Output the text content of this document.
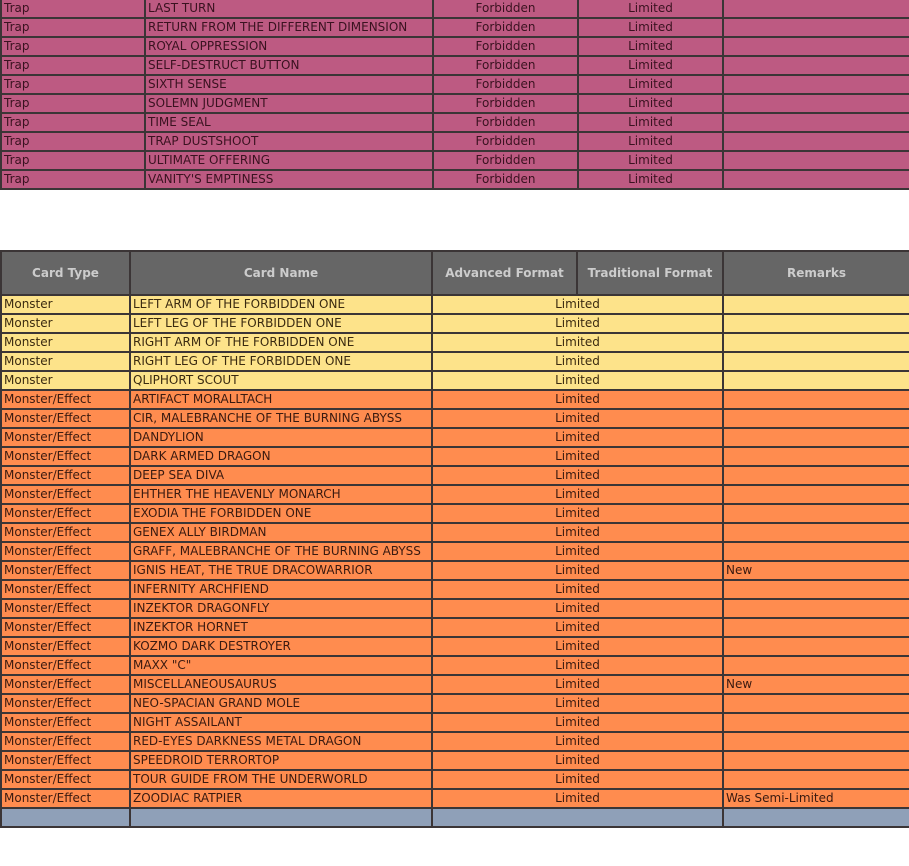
Trap	LAST TURN	Forbidden	Limited	
Trap	RETURN FROM THE DIFFERENT DIMENSION	Forbidden	Limited	
Trap	ROYAL OPPRESSION	Forbidden	Limited	
Trap	SELF-DESTRUCT BUTTON	Forbidden	Limited	
Trap	SIXTH SENSE	Forbidden	Limited	
Trap	SOLEMN JUDGMENT	Forbidden	Limited	
Trap	TIME SEAL	Forbidden	Limited	
Trap	TRAP DUSTSHOOT	Forbidden	Limited	
Trap	ULTIMATE OFFERING	Forbidden	Limited	
Trap	VANITY'S EMPTINESS	Forbidden	Limited	
Card Type	Card Name	Advanced Format	Traditional Format	Remarks
Monster	LEFT ARM OF THE FORBIDDEN ONE	Limited		
Monster	LEFT LEG OF THE FORBIDDEN ONE	Limited		
Monster	RIGHT ARM OF THE FORBIDDEN ONE	Limited		
Monster	RIGHT LEG OF THE FORBIDDEN ONE	Limited		
Monster	QLIPHORT SCOUT	Limited		
Monster/Effect	ARTIFACT MORALLTACH	Limited		
Monster/Effect	CIR, MALEBRANCHE OF THE BURNING ABYSS	Limited		
Monster/Effect	DANDYLION	Limited		
Monster/Effect	DARK ARMED DRAGON	Limited		
Monster/Effect	DEEP SEA DIVA	Limited		
Monster/Effect	EHTHER THE HEAVENLY MONARCH	Limited		
Monster/Effect	EXODIA THE FORBIDDEN ONE	Limited		
Monster/Effect	GENEX ALLY BIRDMAN	Limited		
Monster/Effect	GRAFF, MALEBRANCHE OF THE BURNING ABYSS	Limited		
Monster/Effect	IGNIS HEAT, THE TRUE DRACOWARRIOR	Limited		New
Monster/Effect	INFERNITY ARCHFIEND	Limited		
Monster/Effect	INZEKTOR DRAGONFLY	Limited		
Monster/Effect	INZEKTOR HORNET	Limited		
Monster/Effect	KOZMO DARK DESTROYER	Limited		
Monster/Effect	MAXX "C"	Limited		
Monster/Effect	MISCELLANEOUSAURUS	Limited		New
Monster/Effect	NEO-SPACIAN GRAND MOLE	Limited		
Monster/Effect	NIGHT ASSAILANT	Limited		
Monster/Effect	RED-EYES DARKNESS METAL DRAGON	Limited		
Monster/Effect	SPEEDROID TERRORTOP	Limited		
Monster/Effect	TOUR GUIDE FROM THE UNDERWORLD	Limited		
Monster/Effect	ZOODIAC RATPIER	Limited		Was Semi-Limited
